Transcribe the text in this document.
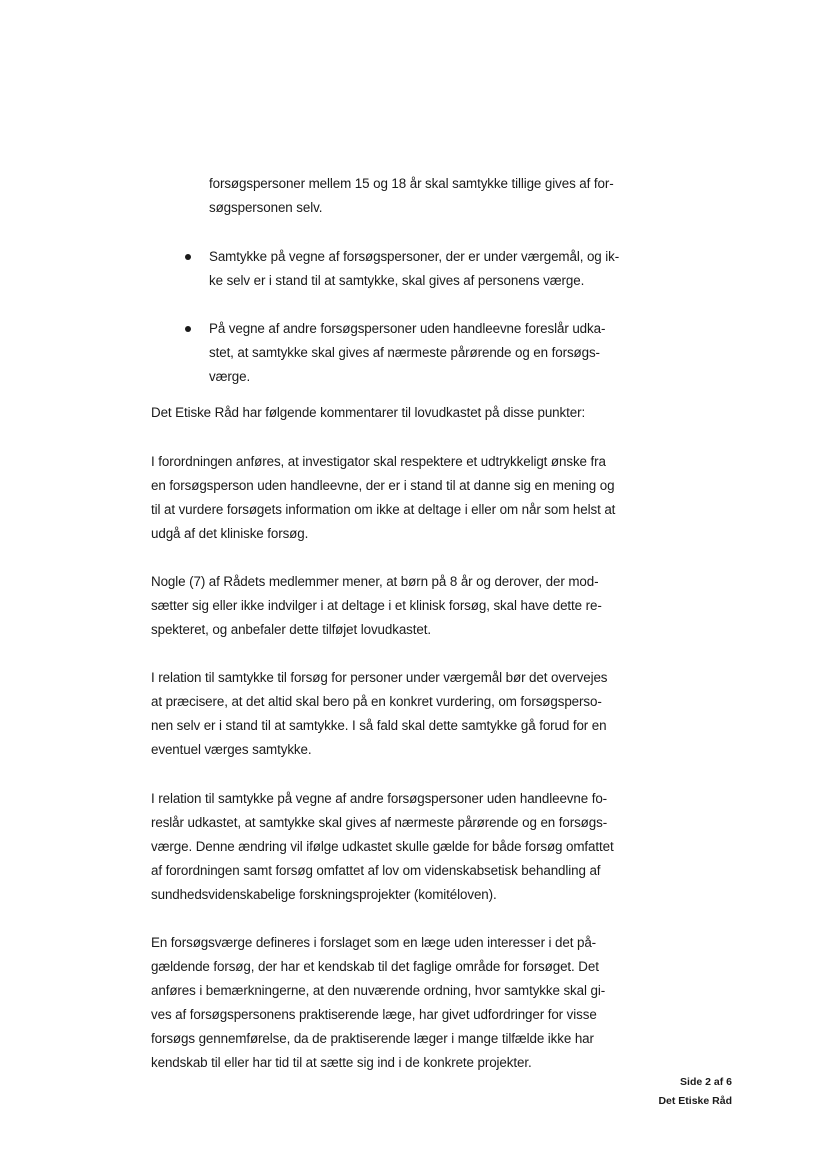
forsøgspersoner mellem 15 og 18 år skal samtykke tillige gives af for-
søgspersonen selv.
Samtykke på vegne af forsøgspersoner, der er under værgemål, og ik-
ke selv er i stand til at samtykke, skal gives af personens værge.
På vegne af andre forsøgspersoner uden handleevne foreslår udka-
stet, at samtykke skal gives af nærmeste pårørende og en forsøgs-
værge.
Det Etiske Råd har følgende kommentarer til lovudkastet på disse punkter:
I forordningen anføres, at investigator skal respektere et udtrykkeligt ønske fra
en forsøgsperson uden handleevne, der er i stand til at danne sig en mening og
til at vurdere forsøgets information om ikke at deltage i eller om når som helst at
udgå af det kliniske forsøg.
Nogle (7) af Rådets medlemmer mener, at børn på 8 år og derover, der mod-
sætter sig eller ikke indvilger i at deltage i et klinisk forsøg, skal have dette re-
spekteret, og anbefaler dette tilføjet lovudkastet.
I relation til samtykke til forsøg for personer under værgemål bør det overvejes
at præcisere, at det altid skal bero på en konkret vurdering, om forsøgsperso-
nen selv er i stand til at samtykke. I så fald skal dette samtykke gå forud for en
eventuel værges samtykke.
I relation til samtykke på vegne af andre forsøgspersoner uden handleevne fo-
reslår udkastet, at samtykke skal gives af nærmeste pårørende og en forsøgs-
værge. Denne ændring vil ifølge udkastet skulle gælde for både forsøg omfattet
af forordningen samt forsøg omfattet af lov om videnskabsetisk behandling af
sundhedsvidenskabelige forskningsprojekter (komitéloven).
En forsøgsværge defineres i forslaget som en læge uden interesser i det på-
gældende forsøg, der har et kendskab til det faglige område for forsøget. Det
anføres i bemærkningerne, at den nuværende ordning, hvor samtykke skal gi-
ves af forsøgspersonens praktiserende læge, har givet udfordringer for visse
forsøgs gennemførelse, da de praktiserende læger i mange tilfælde ikke har
kendskab til eller har tid til at sætte sig ind i de konkrete projekter.
Side 2 af 6
Det Etiske Råd
